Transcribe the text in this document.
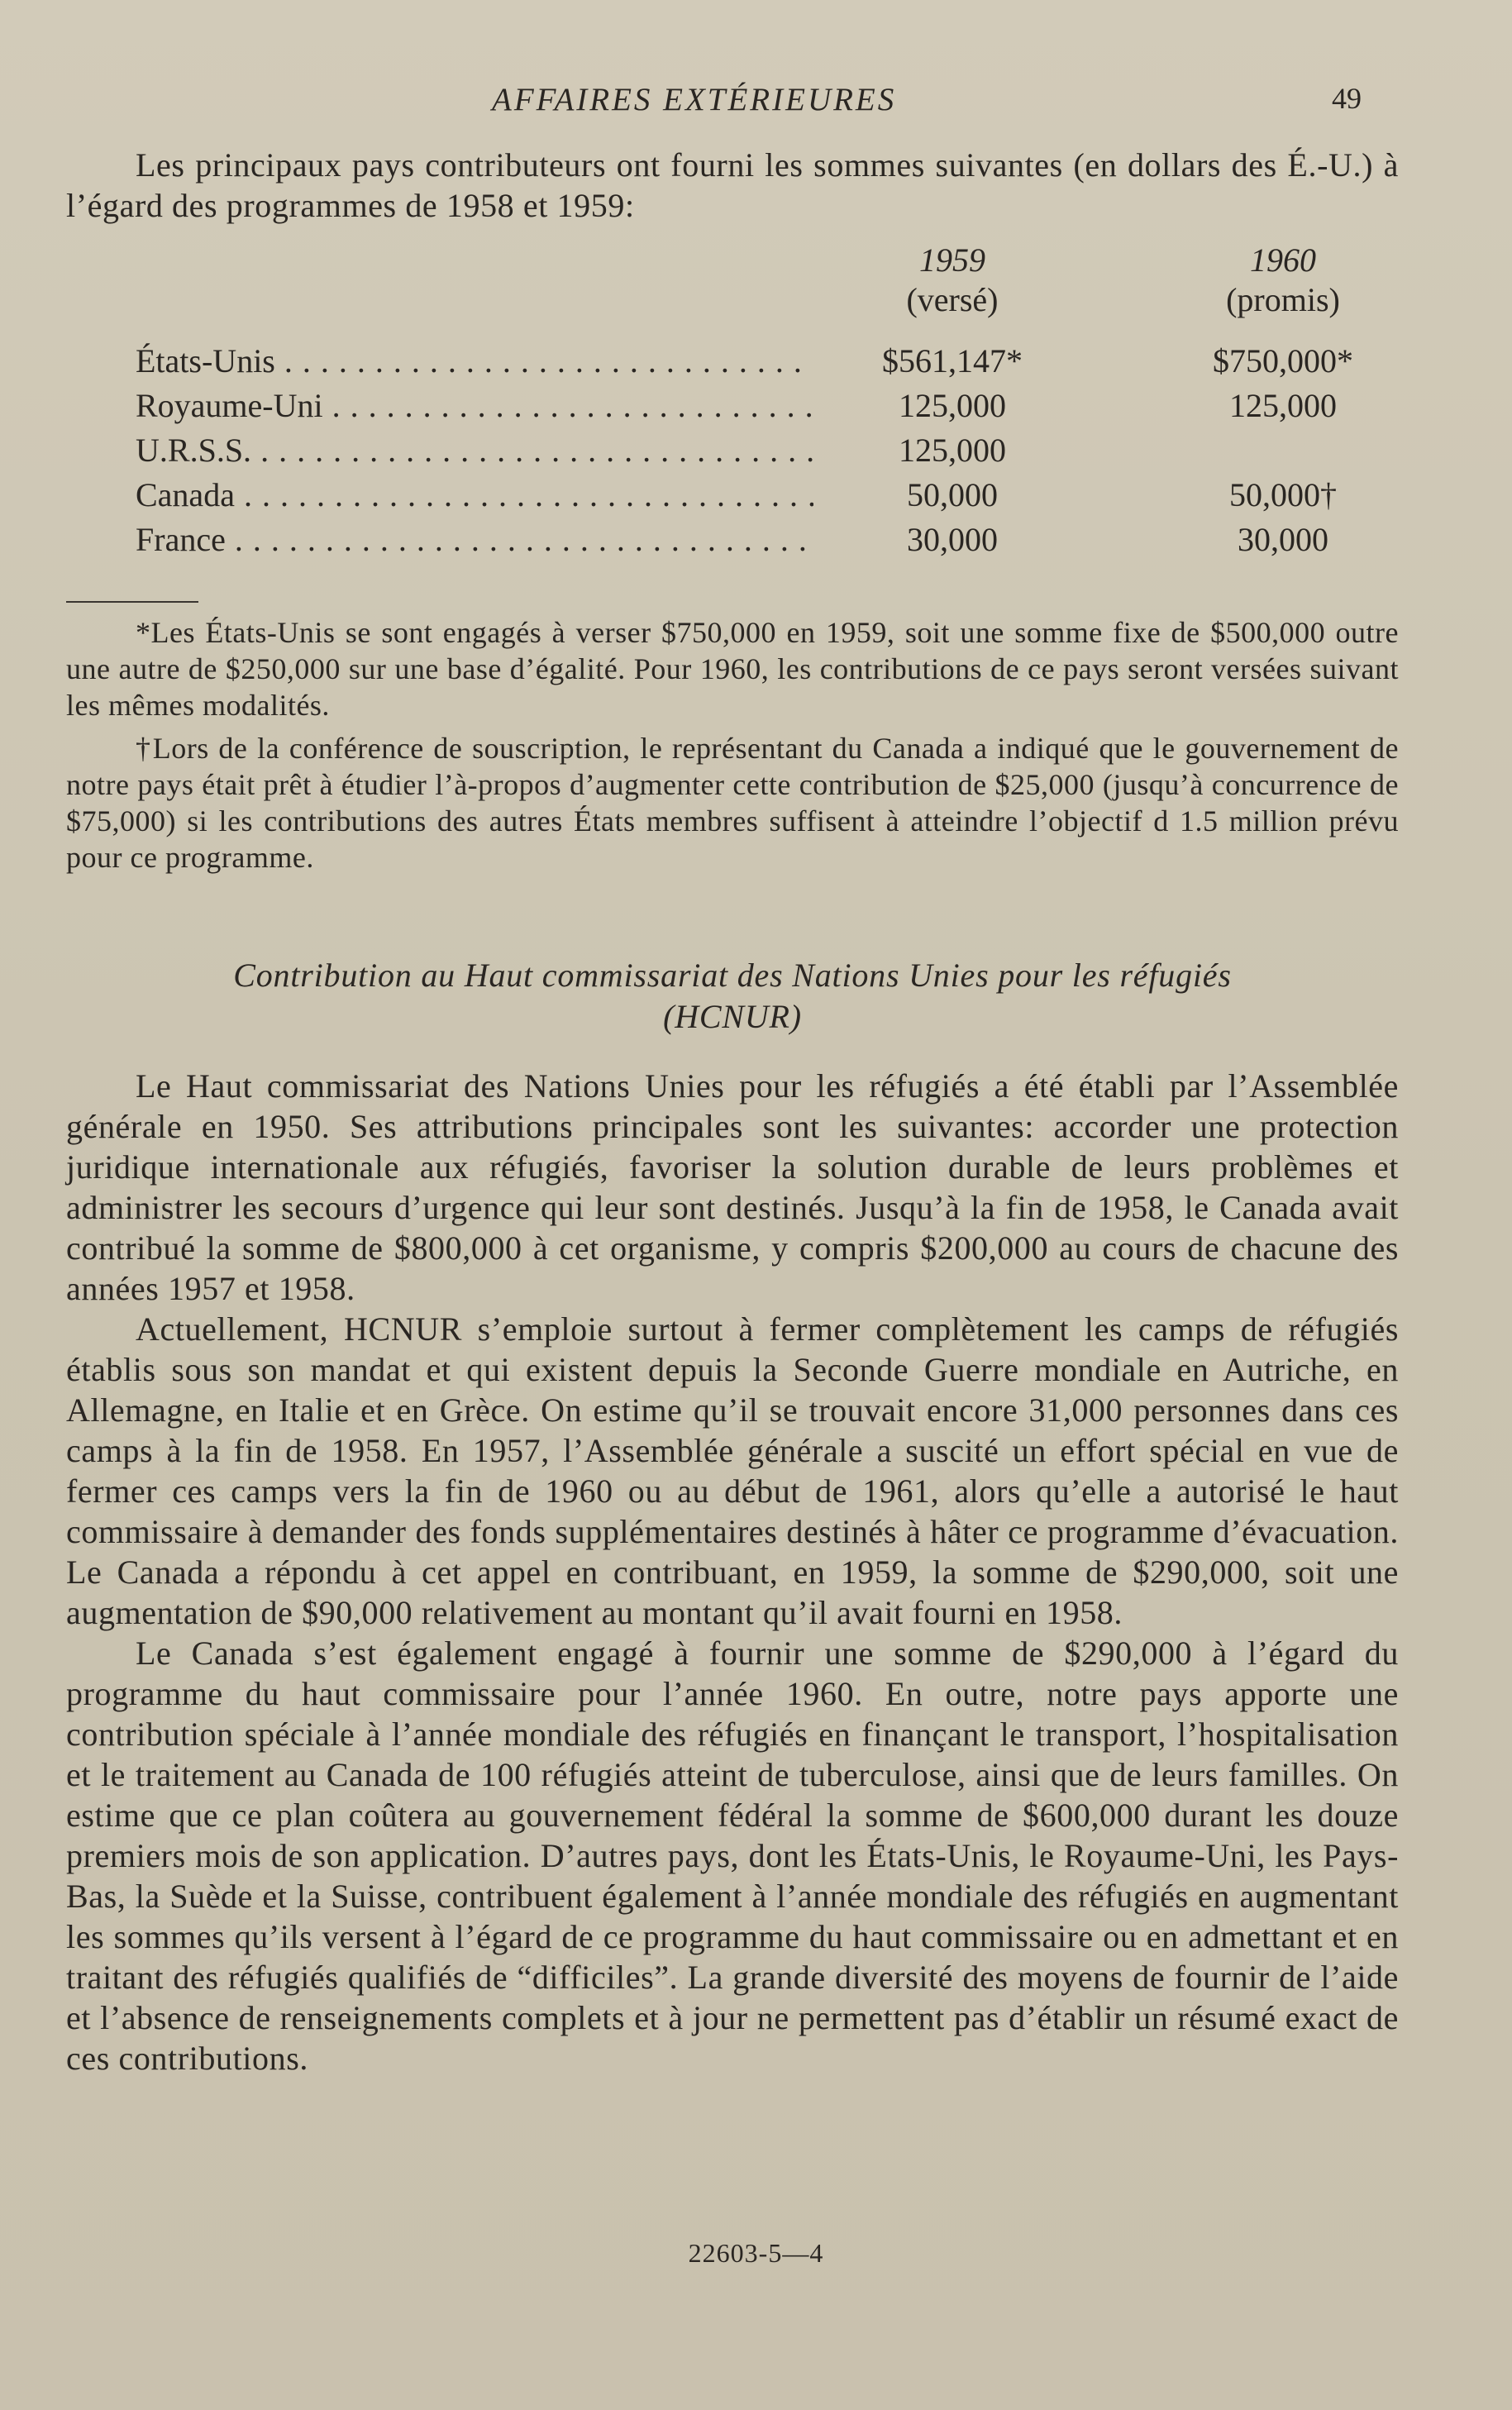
AFFAIRES EXTÉRIEURES	49

Les principaux pays contributeurs ont fourni les sommes suivantes (en dollars des É.-U.) à l’égard des programmes de 1958 et 1959:

1959
(versé)
1960
(promis)
États-Unis . . .	$561,147*	$750,000*
Royaume-Uni . . .	125,000	125,000
U.R.S.S. . . .	125,000
Canada . . .	50,000	50,000†
France . . .	30,000	30,000

*Les États-Unis se sont engagés à verser $750,000 en 1959, soit une somme fixe de $500,000 outre une autre de $250,000 sur une base d’égalité. Pour 1960, les contributions de ce pays seront versées suivant les mêmes modalités.

†Lors de la conférence de souscription, le représentant du Canada a indiqué que le gouvernement de notre pays était prêt à étudier l’à-propos d’augmenter cette contribution de $25,000 (jusqu’à concurrence de $75,000) si les contributions des autres États membres suffisent à atteindre l’objectif d 1.5 million prévu pour ce programme.

Contribution au Haut commissariat des Nations Unies pour les réfugiés
(HCNUR)

Le Haut commissariat des Nations Unies pour les réfugiés a été établi par l’Assemblée générale en 1950. Ses attributions principales sont les suivantes: accorder une protection juridique internationale aux réfugiés, favoriser la solution durable de leurs problèmes et administrer les secours d’urgence qui leur sont destinés. Jusqu’à la fin de 1958, le Canada avait contribué la somme de $800,000 à cet organisme, y compris $200,000 au cours de chacune des années 1957 et 1958.

Actuellement, HCNUR s’emploie surtout à fermer complètement les camps de réfugiés établis sous son mandat et qui existent depuis la Seconde Guerre mondiale en Autriche, en Allemagne, en Italie et en Grèce. On estime qu’il se trouvait encore 31,000 personnes dans ces camps à la fin de 1958. En 1957, l’Assemblée générale a suscité un effort spécial en vue de fermer ces camps vers la fin de 1960 ou au début de 1961, alors qu’elle a autorisé le haut commissaire à demander des fonds supplémentaires destinés à hâter ce programme d’évacuation. Le Canada a répondu à cet appel en contribuant, en 1959, la somme de $290,000, soit une augmentation de $90,000 relativement au montant qu’il avait fourni en 1958.

Le Canada s’est également engagé à fournir une somme de $290,000 à l’égard du programme du haut commissaire pour l’année 1960. En outre, notre pays apporte une contribution spéciale à l’année mondiale des réfugiés en finançant le transport, l’hospitalisation et le traitement au Canada de 100 réfugiés atteint de tuberculose, ainsi que de leurs familles. On estime que ce plan coûtera au gouvernement fédéral la somme de $600,000 durant les douze premiers mois de son application. D’autres pays, dont les États-Unis, le Royaume-Uni, les Pays-Bas, la Suède et la Suisse, contribuent également à l’année mondiale des réfugiés en augmentant les sommes qu’ils versent à l’égard de ce programme du haut commissaire ou en admettant et en traitant des réfugiés qualifiés de “difficiles”. La grande diversité des moyens de fournir de l’aide et l’absence de renseignements complets et à jour ne permettent pas d’établir un résumé exact de ces contributions.

22603-5—4
